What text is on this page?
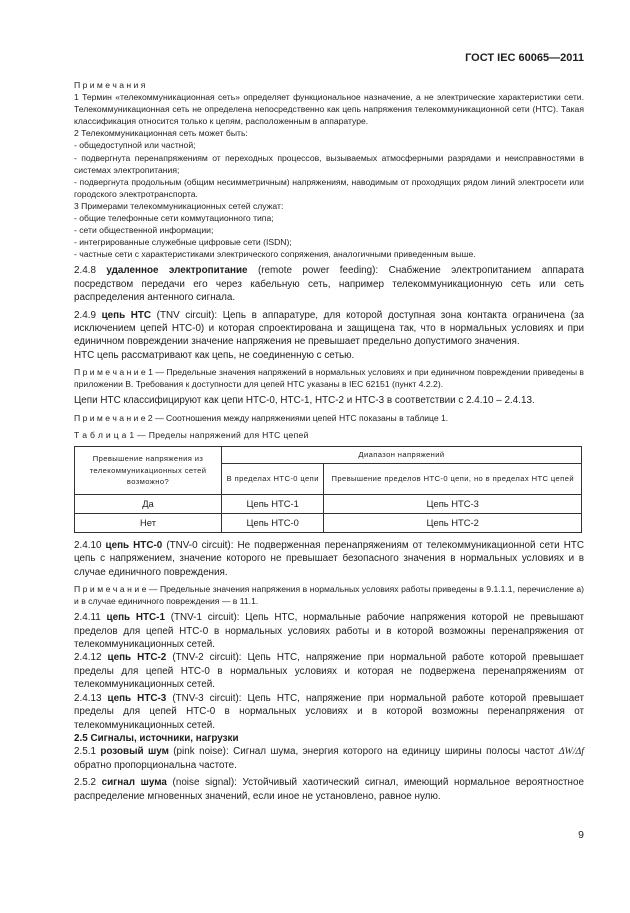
ГОСТ IEC 60065—2011

П р и м е ч а н и я

1 Термин «телекоммуникационная сеть» определяет функциональное назначение, а не электрические характеристики сети. Телекоммуникационная сеть не определена непосредственно как цепь напряжения телекоммуникационной сети (НТС). Такая классификация относится только к цепям, расположенным в аппаратуре.

2 Телекоммуникационная сеть может быть:

- общедоступной или частной;

- подвергнута перенапряжениям от переходных процессов, вызываемых атмосферными разрядами и неисправностями в системах электропитания;

- подвергнута продольным (общим несимметричным) напряжениям, наводимым от проходящих рядом линий электросети или городского электротранспорта.

3 Примерами телекоммуникационных сетей служат:

- общие телефонные сети коммутационного типа;

- сети общественной информации;

- интегрированные служебные цифровые сети (ISDN);

- частные сети с характеристиками электрического сопряжения, аналогичными приведенным выше.

2.4.8 удаленное электропитание (remote power feeding): Снабжение электропитанием аппарата посредством передачи его через кабельную сеть, например телекоммуникационную сеть или сеть распределения антенного сигнала.

2.4.9 цепь НТС (TNV circuit): Цепь в аппаратуре, для которой доступная зона контакта ограничена (за исключением цепей НТС-0) и которая спроектирована и защищена так, что в нормальных условиях и при единичном повреждении значение напряжения не превышает предельно допустимого значения.

НТС цепь рассматривают как цепь, не соединенную с сетью.

П р и м е ч а н и е 1 — Предельные значения напряжений в нормальных условиях и при единичном повреждении приведены в приложении В. Требования к доступности для цепей НТС указаны в IEC 62151 (пункт 4.2.2).

Цепи НТС классифицируют как цепи НТС-0, НТС-1, НТС-2 и НТС-3 в соответствии с 2.4.10 – 2.4.13.

П р и м е ч а н и е 2 — Соотношения между напряжениями цепей НТС показаны в таблице 1.

Т а б л и ц а 1 — Пределы напряжений для НТС цепей
Превышение напряжения из телекоммуникационных сетей возможно?	Диапазон напряжений	
	В пределах НТС-0 цепи	Превышение пределов НТС-0 цепи, но в пределах НТС цепей
Да	Цепь НТС-1	Цепь НТС-3
Нет	Цепь НТС-0	Цепь НТС-2

2.4.10 цепь НТС-0 (TNV-0 circuit): Не подверженная перенапряжениям от телекоммуникационной сети НТС цепь с напряжением, значение которого не превышает безопасного значения в нормальных условиях и в случае единичного повреждения.

П р и м е ч а н и е — Предельные значения напряжения в нормальных условиях работы приведены в 9.1.1.1, перечисление а) и в случае единичного повреждения — в 11.1.

2.4.11 цепь НТС-1 (TNV-1 circuit): Цепь НТС, нормальные рабочие напряжения которой не превышают пределов для цепей НТС-0 в нормальных условиях работы и в которой возможны перенапряжения от телекоммуникационных сетей.

2.4.12 цепь НТС-2 (TNV-2 circuit): Цепь НТС, напряжение при нормальной работе которой превышает пределы для цепей НТС-0 в нормальных условиях и которая не подвержена перенапряжениям от телекоммуникационных сетей.

2.4.13 цепь НТС-3 (TNV-3 circuit): Цепь НТС, напряжение при нормальной работе которой превышает пределы для цепей НТС-0 в нормальных условиях и в которой возможны перенапряжения от телекоммуникационных сетей.

2.5 Сигналы, источники, нагрузки

2.5.1 розовый шум (pink noise): Сигнал шума, энергия которого на единицу ширины полосы частот ΔW/Δf обратно пропорциональна частоте.

2.5.2 сигнал шума (noise signal): Устойчивый хаотический сигнал, имеющий нормальное вероятностное распределение мгновенных значений, если иное не установлено, равное нулю.

9
